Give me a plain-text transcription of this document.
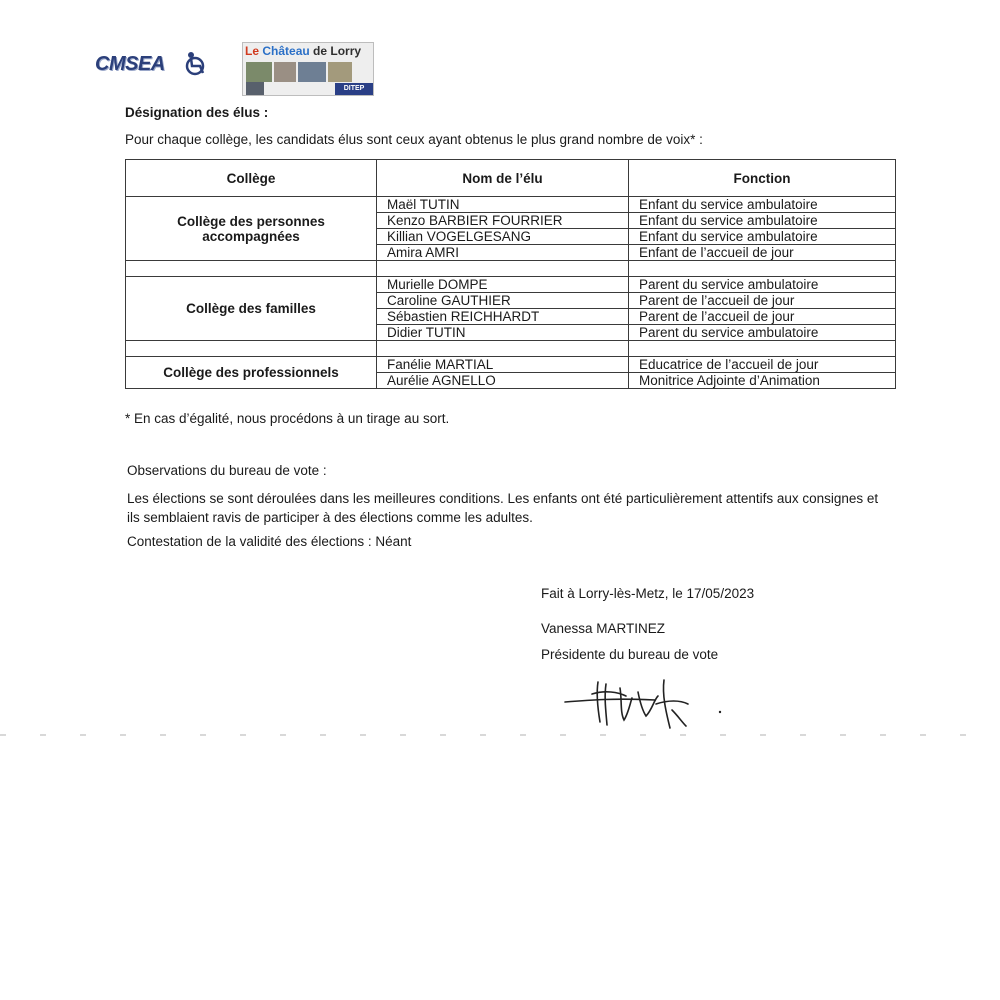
CMSEA
Le Château de Lorry
DITEP
Désignation des élus :
Pour chaque collège, les candidats élus sont ceux ayant obtenus le plus grand nombre de voix* :
Collège	Nom de l’élu	Fonction
Collège des personnes accompagnées	Maël TUTIN	Enfant du service ambulatoire
	Kenzo BARBIER FOURRIER	Enfant du service ambulatoire
	Killian VOGELGESANG	Enfant du service ambulatoire
	Amira AMRI	Enfant de l’accueil de jour

Collège des familles	Murielle DOMPE	Parent du service ambulatoire
	Caroline GAUTHIER	Parent de l’accueil de jour
	Sébastien REICHHARDT	Parent de l’accueil de jour
	Didier TUTIN	Parent du service ambulatoire

Collège des professionnels	Fanélie MARTIAL	Educatrice de l’accueil de jour
	Aurélie AGNELLO	Monitrice Adjointe d’Animation
* En cas d’égalité, nous procédons à un tirage au sort.
Observations du bureau de vote :
Les élections se sont déroulées dans les meilleures conditions. Les enfants ont été particulièrement attentifs aux consignes et ils semblaient ravis de participer à des élections comme les adultes.
Contestation de la validité des élections : Néant
Fait à Lorry-lès-Metz, le 17/05/2023
Vanessa MARTINEZ
Présidente du bureau de vote
